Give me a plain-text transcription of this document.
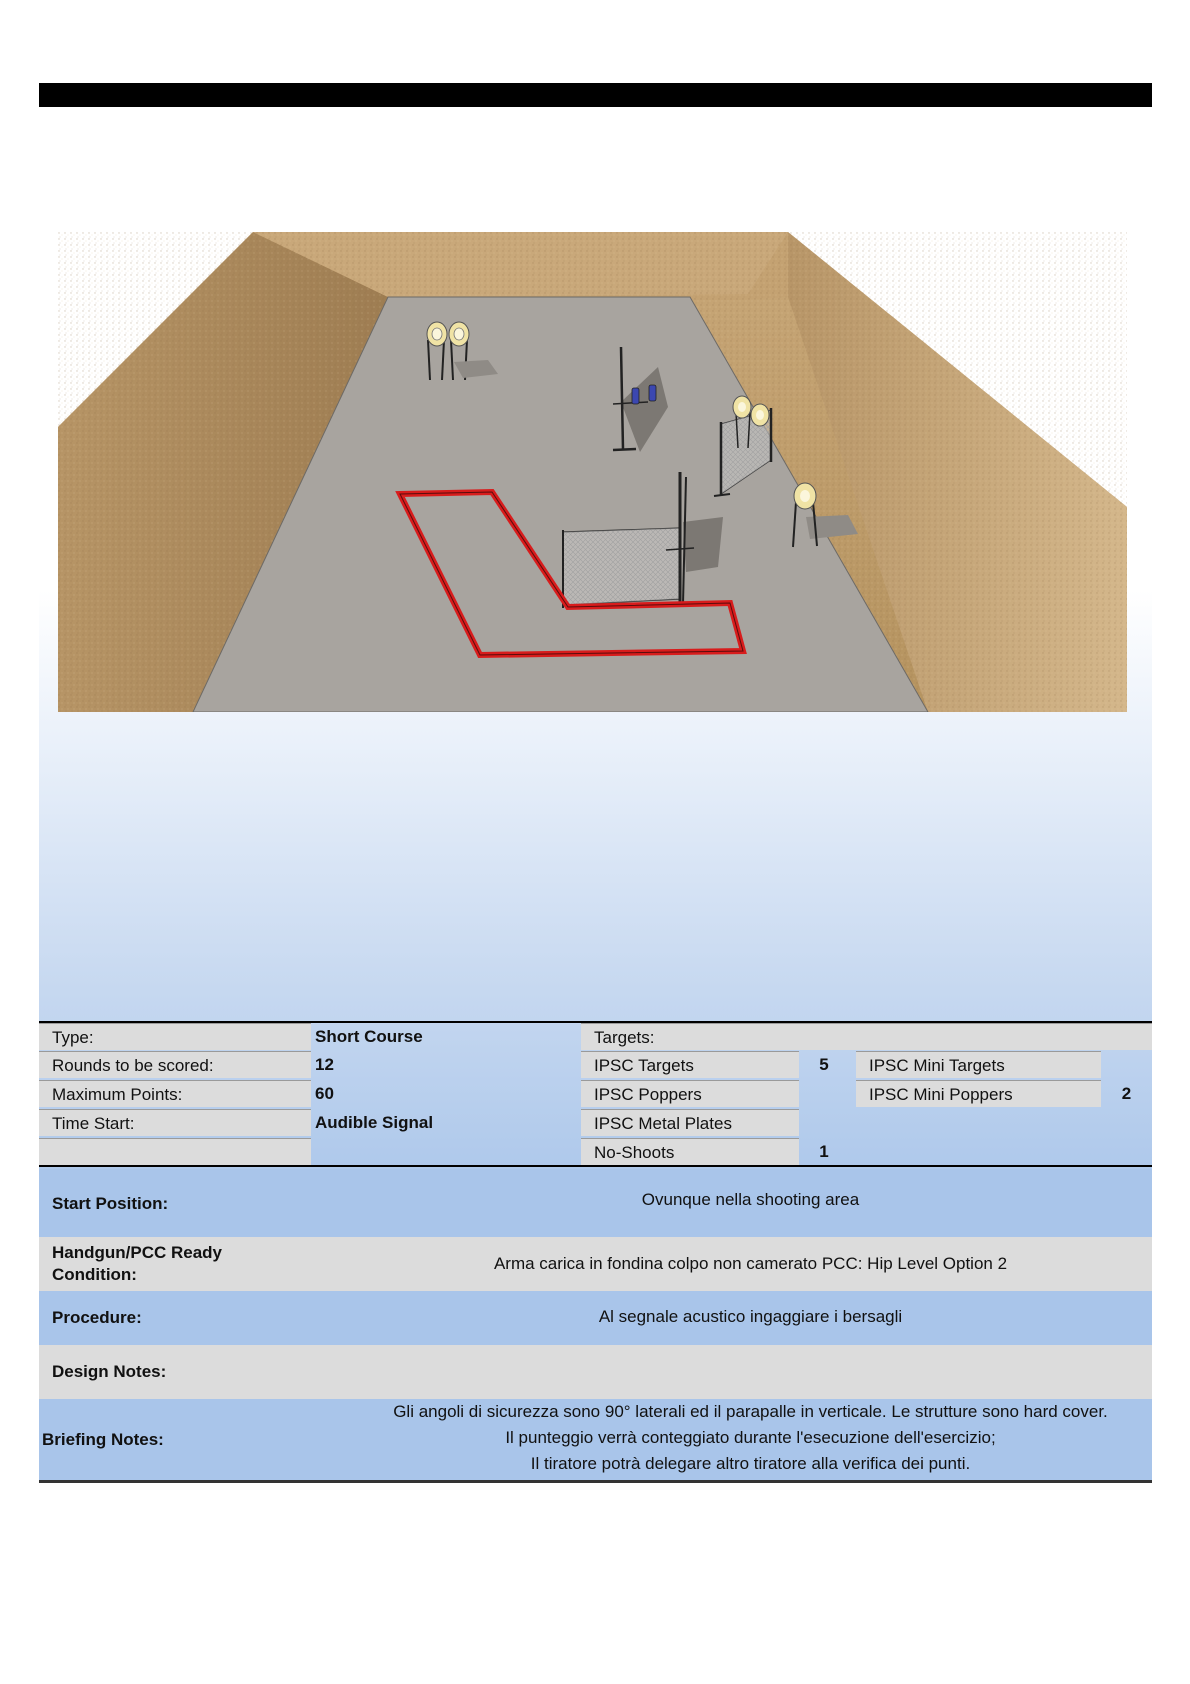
Type:	Short Course	Targets:
Rounds to be scored:	12	IPSC Targets	5	IPSC Mini Targets
Maximum Points:	60	IPSC Poppers	IPSC Mini Poppers	2
Time Start:	Audible Signal	IPSC Metal Plates
No-Shoots	1
Start Position:	Ovunque nella shooting area
Handgun/PCC Ready
Condition:
Arma carica in fondina colpo non camerato PCC: Hip Level Option 2
Procedure:	Al segnale acustico ingaggiare i bersagli
Design Notes:
Briefing Notes:
Gli angoli di sicurezza sono 90° laterali ed il parapalle in verticale. Le strutture sono hard cover.
Il punteggio verrà conteggiato durante l'esecuzione dell'esercizio;
Il tiratore potrà delegare altro tiratore alla verifica dei punti.
